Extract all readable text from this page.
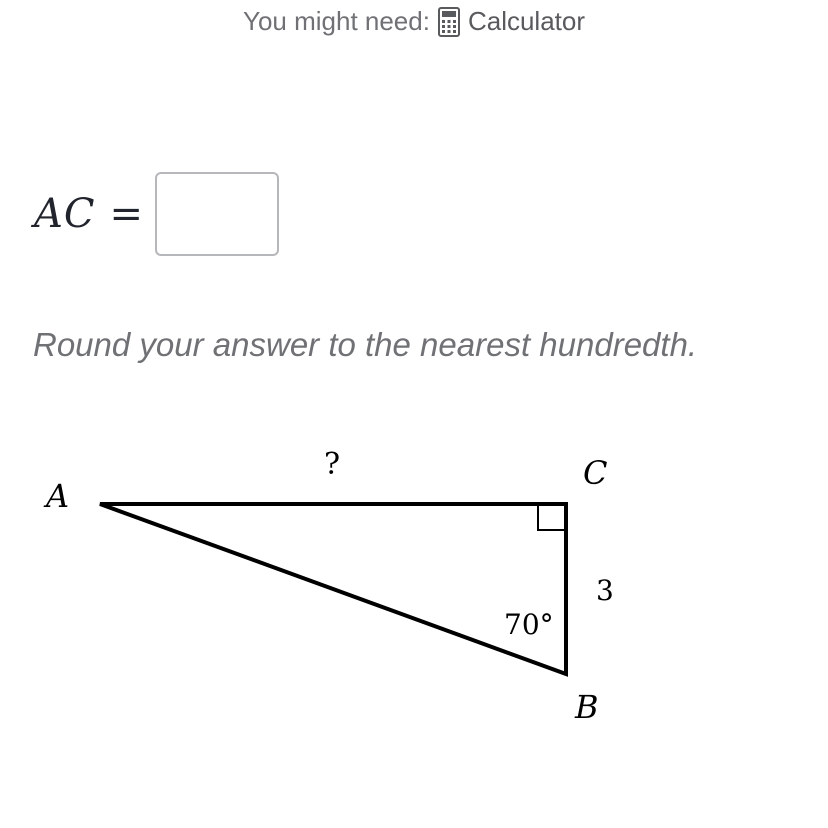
You might need: Calculator
AC =
Round your answer to the nearest hundredth.
A
C
B
?
3
70°
